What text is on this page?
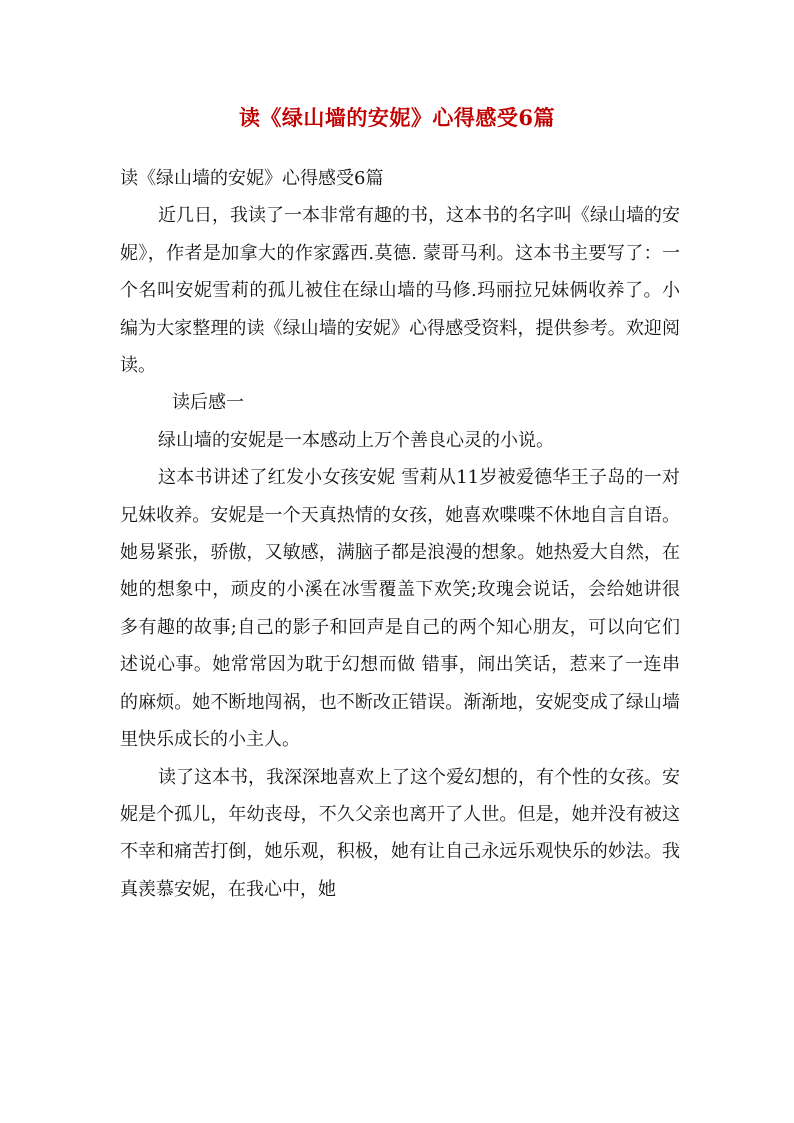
读《绿山墙的安妮》心得感受6篇

读《绿山墙的安妮》心得感受6篇

近几日，我读了一本非常有趣的书，这本书的名字叫《绿山墙的安妮》，作者是加拿大的作家露西.莫德. 蒙哥马利。这本书主要写了：一个名叫安妮雪莉的孤儿被住在绿山墙的马修.玛丽拉兄妹俩收养了。小编为大家整理的读《绿山墙的安妮》心得感受资料，提供参考。欢迎阅读。

读后感一

绿山墙的安妮是一本感动上万个善良心灵的小说。

这本书讲述了红发小女孩安妮 雪莉从11岁被爱德华王子岛的一对兄妹收养。安妮是一个天真热情的女孩，她喜欢喋喋不休地自言自语。她易紧张，骄傲，又敏感，满脑子都是浪漫的想象。她热爱大自然，在她的想象中，顽皮的小溪在冰雪覆盖下欢笑;玫瑰会说话，会给她讲很多有趣的故事;自己的影子和回声是自己的两个知心朋友，可以向它们述说心事。她常常因为耽于幻想而做 错事，闹出笑话，惹来了一连串的麻烦。她不断地闯祸，也不断改正错误。渐渐地，安妮变成了绿山墙里快乐成长的小主人。

读了这本书，我深深地喜欢上了这个爱幻想的，有个性的女孩。安妮是个孤儿，年幼丧母，不久父亲也离开了人世。但是，她并没有被这不幸和痛苦打倒，她乐观，积极，她有让自己永远乐观快乐的妙法。我真羡慕安妮，在我心中，她
